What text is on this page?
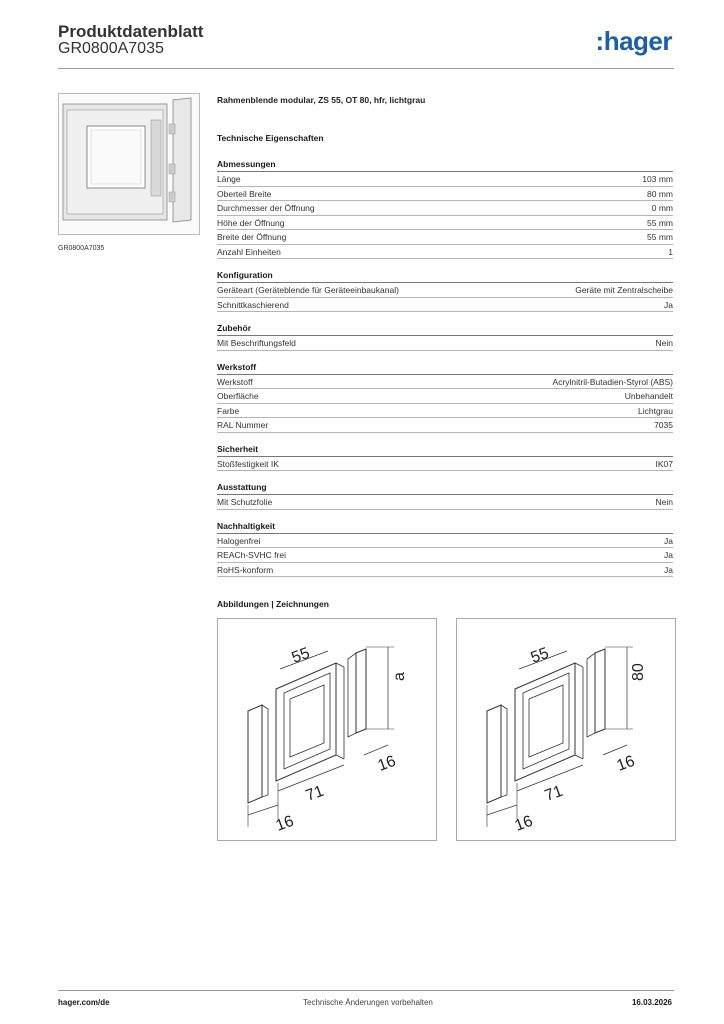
Produktdatenblatt
GR0800A7035	:hager
GR0800A7035
Rahmenblende modular, ZS 55, OT 80, hfr, lichtgrau
Technische Eigenschaften
Abmessungen
Länge	103 mm
Oberteil Breite	80 mm
Durchmesser der Öffnung	0 mm
Höhe der Öffnung	55 mm
Breite der Öffnung	55 mm
Anzahl Einheiten	1
Konfiguration
Geräteart (Geräteblende für Geräteeinbaukanal)	Geräte mit Zentralscheibe
Schnittkaschierend	Ja
Zubehör
Mit Beschriftungsfeld	Nein
Werkstoff
Werkstoff	Acrylnitril-Butadien-Styrol (ABS)
Oberfläche	Unbehandelt
Farbe	Lichtgrau
RAL Nummer	7035
Sicherheit
Stoßfestigkeit IK	IK07
Ausstattung
Mit Schutzfolie	Nein
Nachhaltigkeit
Halogenfrei	Ja
REACh-SVHC frei	Ja
RoHS-konform	Ja
Abbildungen | Zeichnungen
55
a
16
71
16
55
80
16
71
16
hager.com/de	Technische Änderungen vorbehalten	16.03.2026
